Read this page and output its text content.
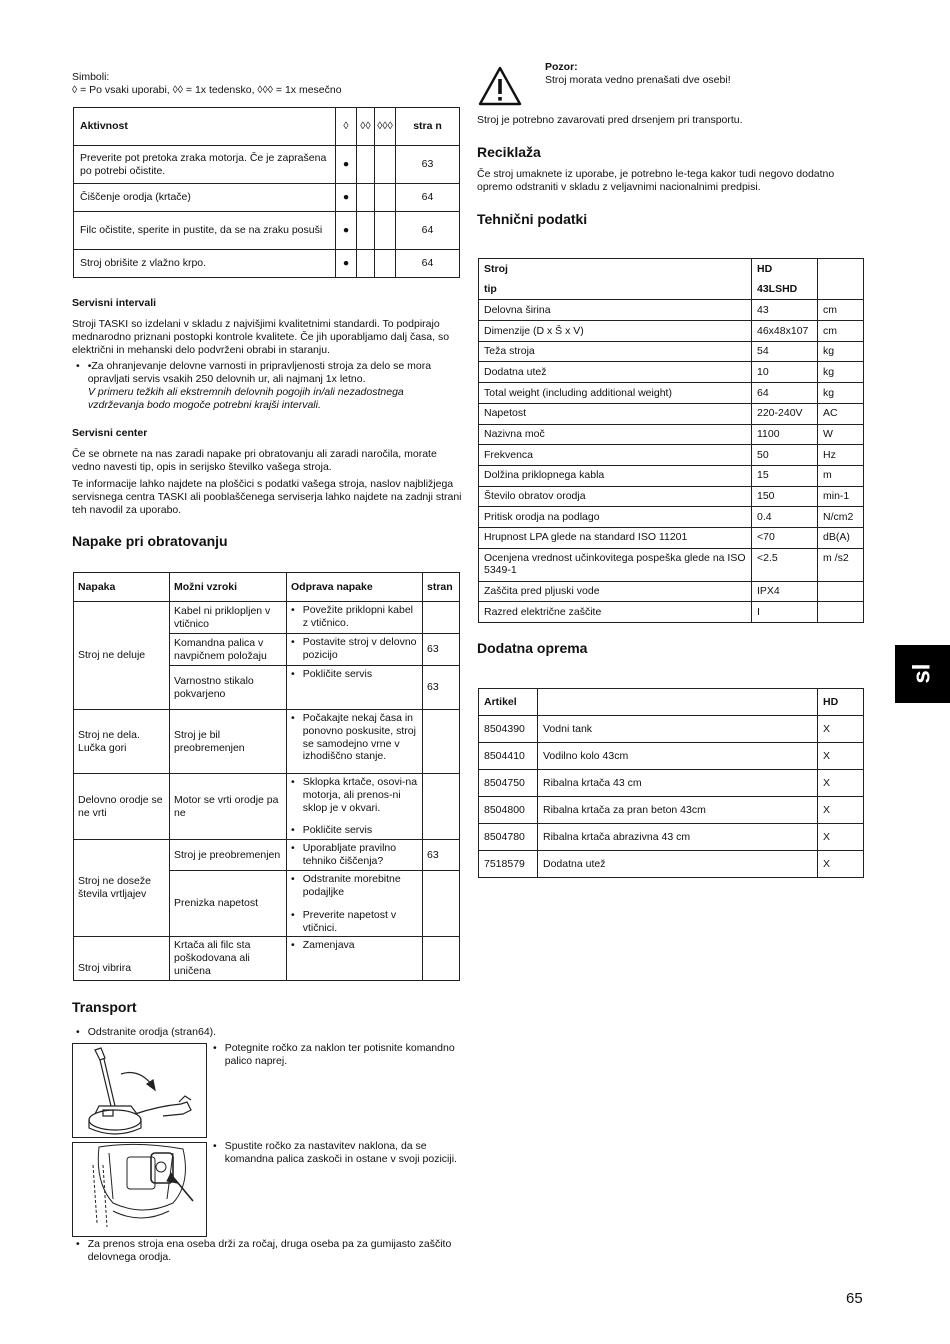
Simboli:
◊ = Po vsaki uporabi, ◊◊ = 1x tedensko, ◊◊◊ = 1x mesečno
Aktivnost	◊	◊◊	◊◊◊	stra n
Preverite pot pretoka zraka motorja. Če je zaprašena po potrebi očistite.	●			63
Čiščenje orodja (krtače)	●			64
Filc očistite, sperite in pustite, da se na zraku posuši	●			64
Stroj obrišite z vlažno krpo.	●			64
Servisni intervali
Stroji TASKI so izdelani v skladu z najvišjimi kvalitetnimi standardi. To podpirajo mednarodno priznani postopki kontrole kvalitete. Če jih uporabljamo dalj časa, so električni in mehanski delo podvrženi obrabi in staranju.
• •Za ohranjevanje delovne varnosti in pripravljenosti stroja za delo se mora opravljati servis vsakih 250 delovnih ur, ali najmanj 1x letno.
V primeru težkih ali ekstremnih delovnih pogojih in/ali nezadostnega vzdrževanja bodo mogoče potrebni krajši intervali.
Servisni center
Če se obrnete na nas zaradi napake pri obratovanju ali zaradi naročila, morate vedno navesti tip, opis in serijsko številko vašega stroja.
Te informacije lahko najdete na ploščici s podatki vašega stroja, naslov najbližjega servisnega centra TASKI ali pooblaščenega serviserja lahko najdete na zadnji strani teh navodil za uporabo.
Napake pri obratovanju
Napaka	Možni vzroki	Odprava napake	stran
Stroj ne deluje	Kabel ni priklopljen v vtičnico	• Povežite priklopni kabel z vtičnico.	

	Komandna palica v navpičnem položaju	• Postavite stroj v delovno pozicijo	63
	Varnostno stikalo pokvarjeno	• Pokličite servis	63
Stroj ne dela. Lučka gori	Stroj je bil preobremenjen	• Počakajte nekaj časa in ponovno poskusite, stroj se samodejno vrne v izhodiščno stanje.	

Delovno orodje se ne vrti	Motor se vrti orodje pa ne	• Sklopka krtače, osovi-na motorja, ali prenos-ni sklop je v okvari.
• Pokličite servis	

Stroj ne doseže števila vrtljajev	Stroj je preobremenjen	• Uporabljate pravilno tehniko čiščenja?	63
	Prenizka napetost	• Odstranite morebitne podajljke
• Preverite napetost v vtičnici.	

Stroj vibrira	Krtača ali filc sta poškodovana ali uničena	• Zamenjava	

Transport
• Odstranite orodja (stran64).
• Potegnite ročko za naklon ter potisnite komandno palico naprej.
• Spustite ročko za nastavitev naklona, da se komandna palica zaskoči in ostane v svoji poziciji.
• Za prenos stroja ena oseba drži za ročaj, druga oseba pa za gumijasto zaščito delovnega orodja.
Pozor:
Stroj morata vedno prenašati dve osebi!
Stroj je potrebno zavarovati pred drsenjem pri transportu.
Reciklaža
Če stroj umaknete iz uporabe, je potrebno le-tega kakor tudi negovo dodatno opremo odstraniti v skladu z veljavnimi nacionalnimi predpisi.
Tehnični podatki
Stroj	HD	
tip	43LSHD	
Delovna širina	43	cm
Dimenzije (D x Š x V)	46x48x107	cm
Teža stroja	54	kg
Dodatna utež	10	kg
Total weight (including additional weight)	64	kg
Napetost	220-240V	AC
Nazivna moč	1100	W
Frekvenca	50	Hz
Dolžina priklopnega kabla	15	m
Število obratov orodja	150	min-1
Pritisk orodja na podlago	0.4	N/cm2
Hrupnost LPA glede na standard ISO 11201	<70	dB(A)
Ocenjena vrednost učinkovitega pospeška glede na ISO 5349-1	<2.5	m /s2
Zaščita pred pljuski vode	IPX4	
Razred električne zaščite	I	
Dodatna oprema
Artikel		HD
8504390	Vodni tank	X
8504410	Vodilno kolo 43cm	X
8504750	Ribalna krtača 43 cm	X
8504800	Ribalna krtača za pran beton 43cm	X
8504780	Ribalna krtača abrazivna 43 cm	X
7518579	Dodatna utež	X
sl
65
